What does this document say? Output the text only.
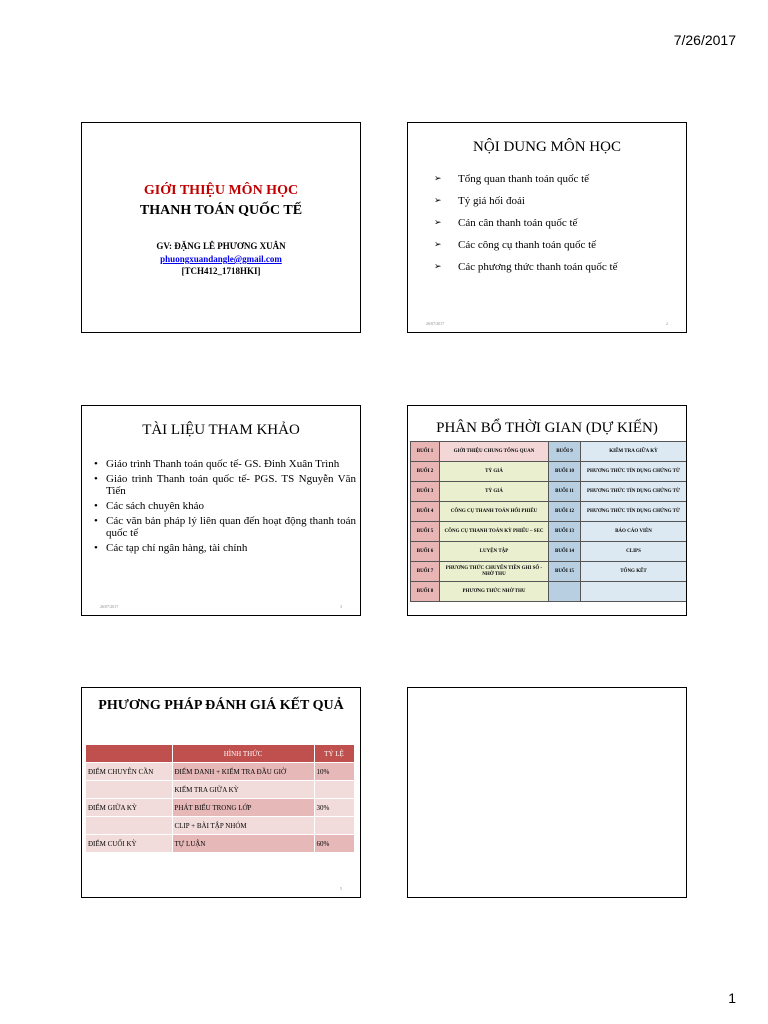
7/26/2017
GIỚI THIỆU MÔN HỌC
THANH TOÁN QUỐC TẾ
GV: ĐẶNG LÊ PHƯƠNG XUÂN
phuongxuandangle@gmail.com
[TCH412_1718HKI]
NỘI DUNG MÔN HỌC
➢ Tổng quan thanh toán quốc tế
➢ Tỷ giá hối đoái
➢ Cán cân thanh toán quốc tế
➢ Các công cụ thanh toán quốc tế
➢ Các phương thức thanh toán quốc tế
26/07/2017	2
TÀI LIỆU THAM KHẢO
• Giáo trình Thanh toán quốc tế- GS. Đinh Xuân Trình
• Giáo trình Thanh toán quốc tế- PGS. TS Nguyễn Văn Tiến
• Các sách chuyên khảo
• Các văn bản pháp lý liên quan đến hoạt động thanh toán quốc tế
• Các tạp chí ngân hàng, tài chính
26/07/2017	3
PHÂN BỔ THỜI GIAN (DỰ KIẾN)
BUỔI 1	GIỚI THIỆU CHUNG TỔNG QUAN	BUỔI 9	KIỂM TRA GIỮA KỲ
BUỔI 2	TỶ GIÁ	BUỔI 10	PHƯƠNG THỨC TÍN DỤNG CHỨNG TỪ
BUỔI 3	TỶ GIÁ	BUỔI 11	PHƯƠNG THỨC TÍN DỤNG CHỨNG TỪ
BUỔI 4	CÔNG CỤ THANH TOÁN HỐI PHIẾU	BUỔI 12	PHƯƠNG THỨC TÍN DỤNG CHỨNG TỪ
BUỔI 5	CÔNG CỤ THANH TOÁN KỲ PHIẾU – SEC	BUỔI 13	BÁO CÁO VIÊN
BUỔI 6	LUYỆN TẬP	BUỔI 14	CLIPS
BUỔI 7	PHƯƠNG THỨC CHUYỂN TIỀN GHI SỔ - NHỜ THU	BUỔI 15	TỔNG KẾT
BUỔI 8	PHƯƠNG THỨC NHỜ THU		
PHƯƠNG PHÁP ĐÁNH GIÁ KẾT QUẢ
	HÌNH THỨC	TỶ LỆ
ĐIỂM CHUYÊN CẦN	ĐIỂM DANH + KIỂM TRA ĐẦU GIỜ	10%
	KIỂM TRA GIỮA KỲ	
ĐIỂM GIỮA KỲ	PHÁT BIỂU TRONG LỚP	30%
	CLIP + BÀI TẬP NHÓM	
ĐIỂM CUỐI KỲ	TỰ LUẬN	60%
5
1
